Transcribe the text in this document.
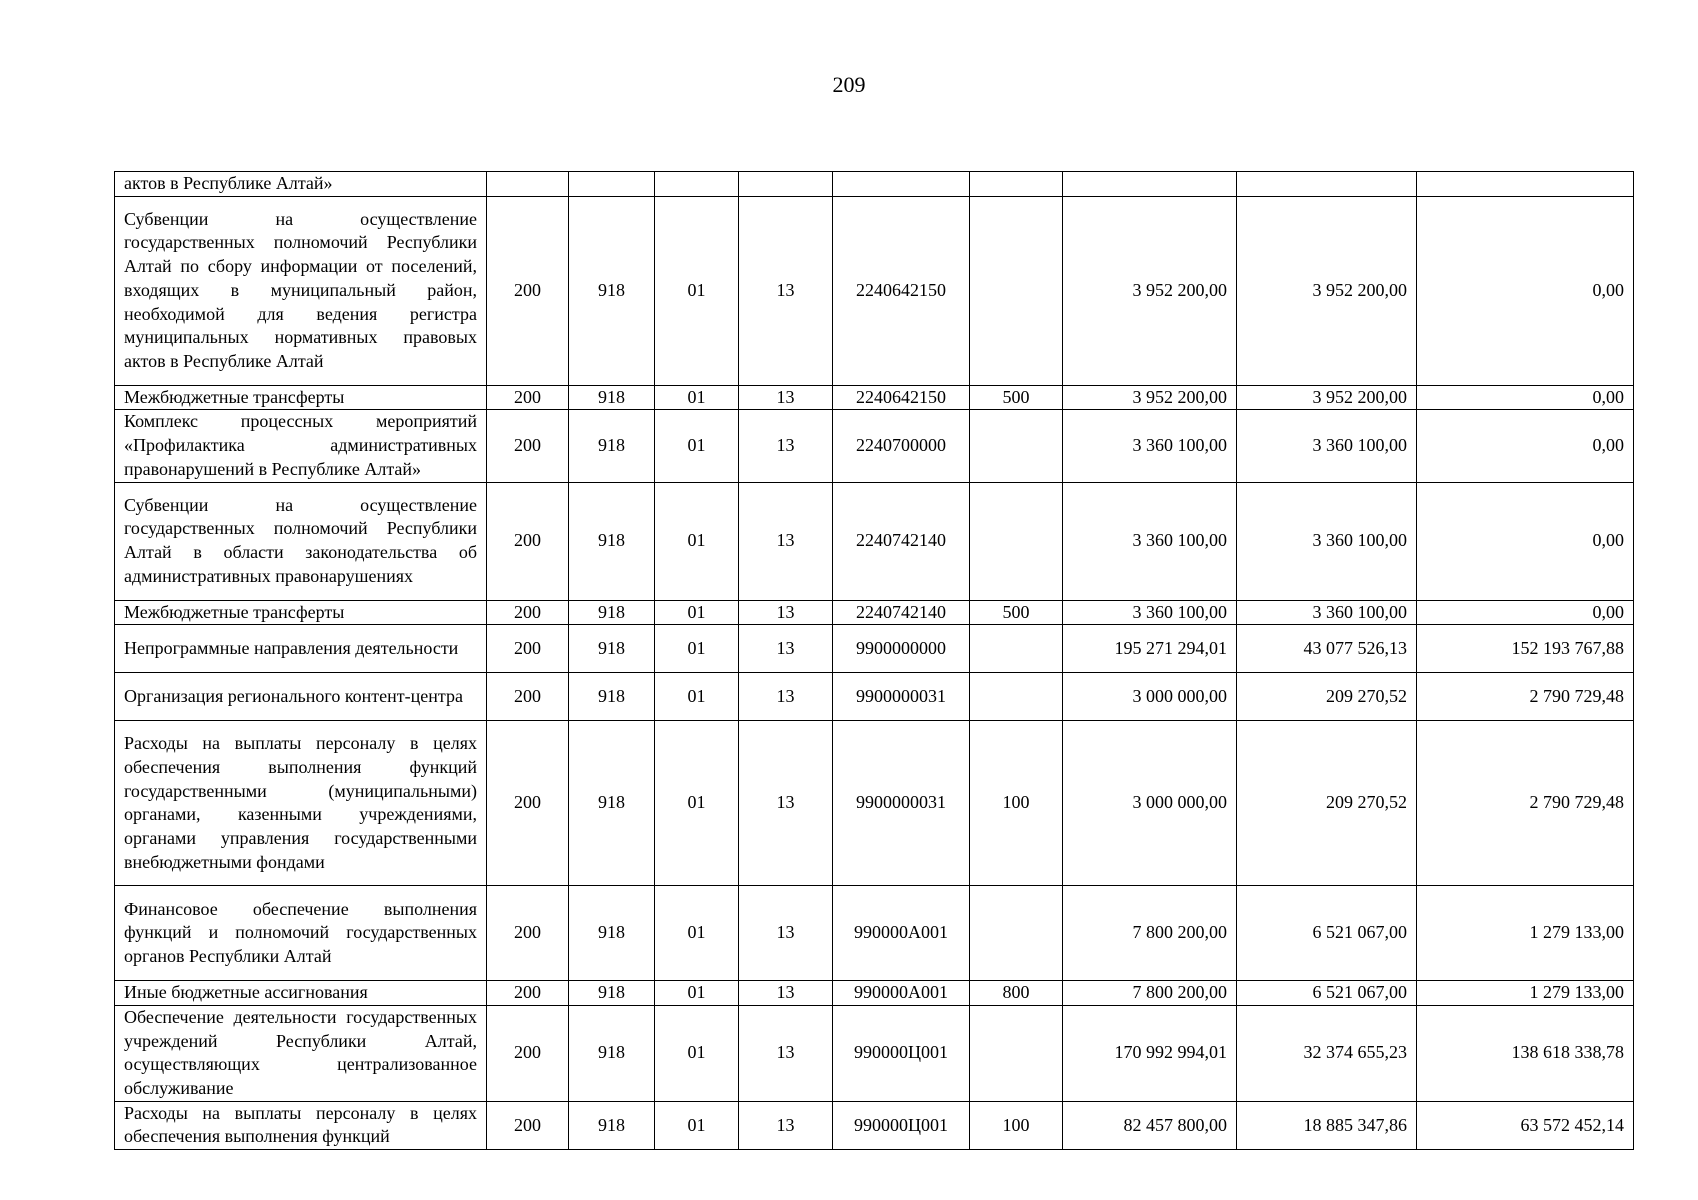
209
актов в Республике Алтай»									
Субвенции на осуществление государственных полномочий Республики Алтай по сбору информации от поселений, входящих в муниципальный район, необходимой для ведения регистра муниципальных нормативных правовых актов в Республике Алтай	200	918	01	13	2240642150		3 952 200,00	3 952 200,00	0,00
Межбюджетные трансферты	200	918	01	13	2240642150	500	3 952 200,00	3 952 200,00	0,00
Комплекс процессных мероприятий «Профилактика административных правонарушений в Республике Алтай»	200	918	01	13	2240700000		3 360 100,00	3 360 100,00	0,00
Субвенции на осуществление государственных полномочий Республики Алтай в области законодательства об административных правонарушениях	200	918	01	13	2240742140		3 360 100,00	3 360 100,00	0,00
Межбюджетные трансферты	200	918	01	13	2240742140	500	3 360 100,00	3 360 100,00	0,00
Непрограммные направления деятельности	200	918	01	13	9900000000		195 271 294,01	43 077 526,13	152 193 767,88
Организация регионального контент-центра	200	918	01	13	9900000031		3 000 000,00	209 270,52	2 790 729,48
Расходы на выплаты персоналу в целях обеспечения выполнения функций государственными (муниципальными) органами, казенными учреждениями, органами управления государственными внебюджетными фондами	200	918	01	13	9900000031	100	3 000 000,00	209 270,52	2 790 729,48
Финансовое обеспечение выполнения функций и полномочий государственных органов Республики Алтай	200	918	01	13	990000А001		7 800 200,00	6 521 067,00	1 279 133,00
Иные бюджетные ассигнования	200	918	01	13	990000А001	800	7 800 200,00	6 521 067,00	1 279 133,00
Обеспечение деятельности государственных учреждений Республики Алтай, осуществляющих централизованное обслуживание	200	918	01	13	990000Ц001		170 992 994,01	32 374 655,23	138 618 338,78
Расходы на выплаты персоналу в целях обеспечения выполнения функций	200	918	01	13	990000Ц001	100	82 457 800,00	18 885 347,86	63 572 452,14
